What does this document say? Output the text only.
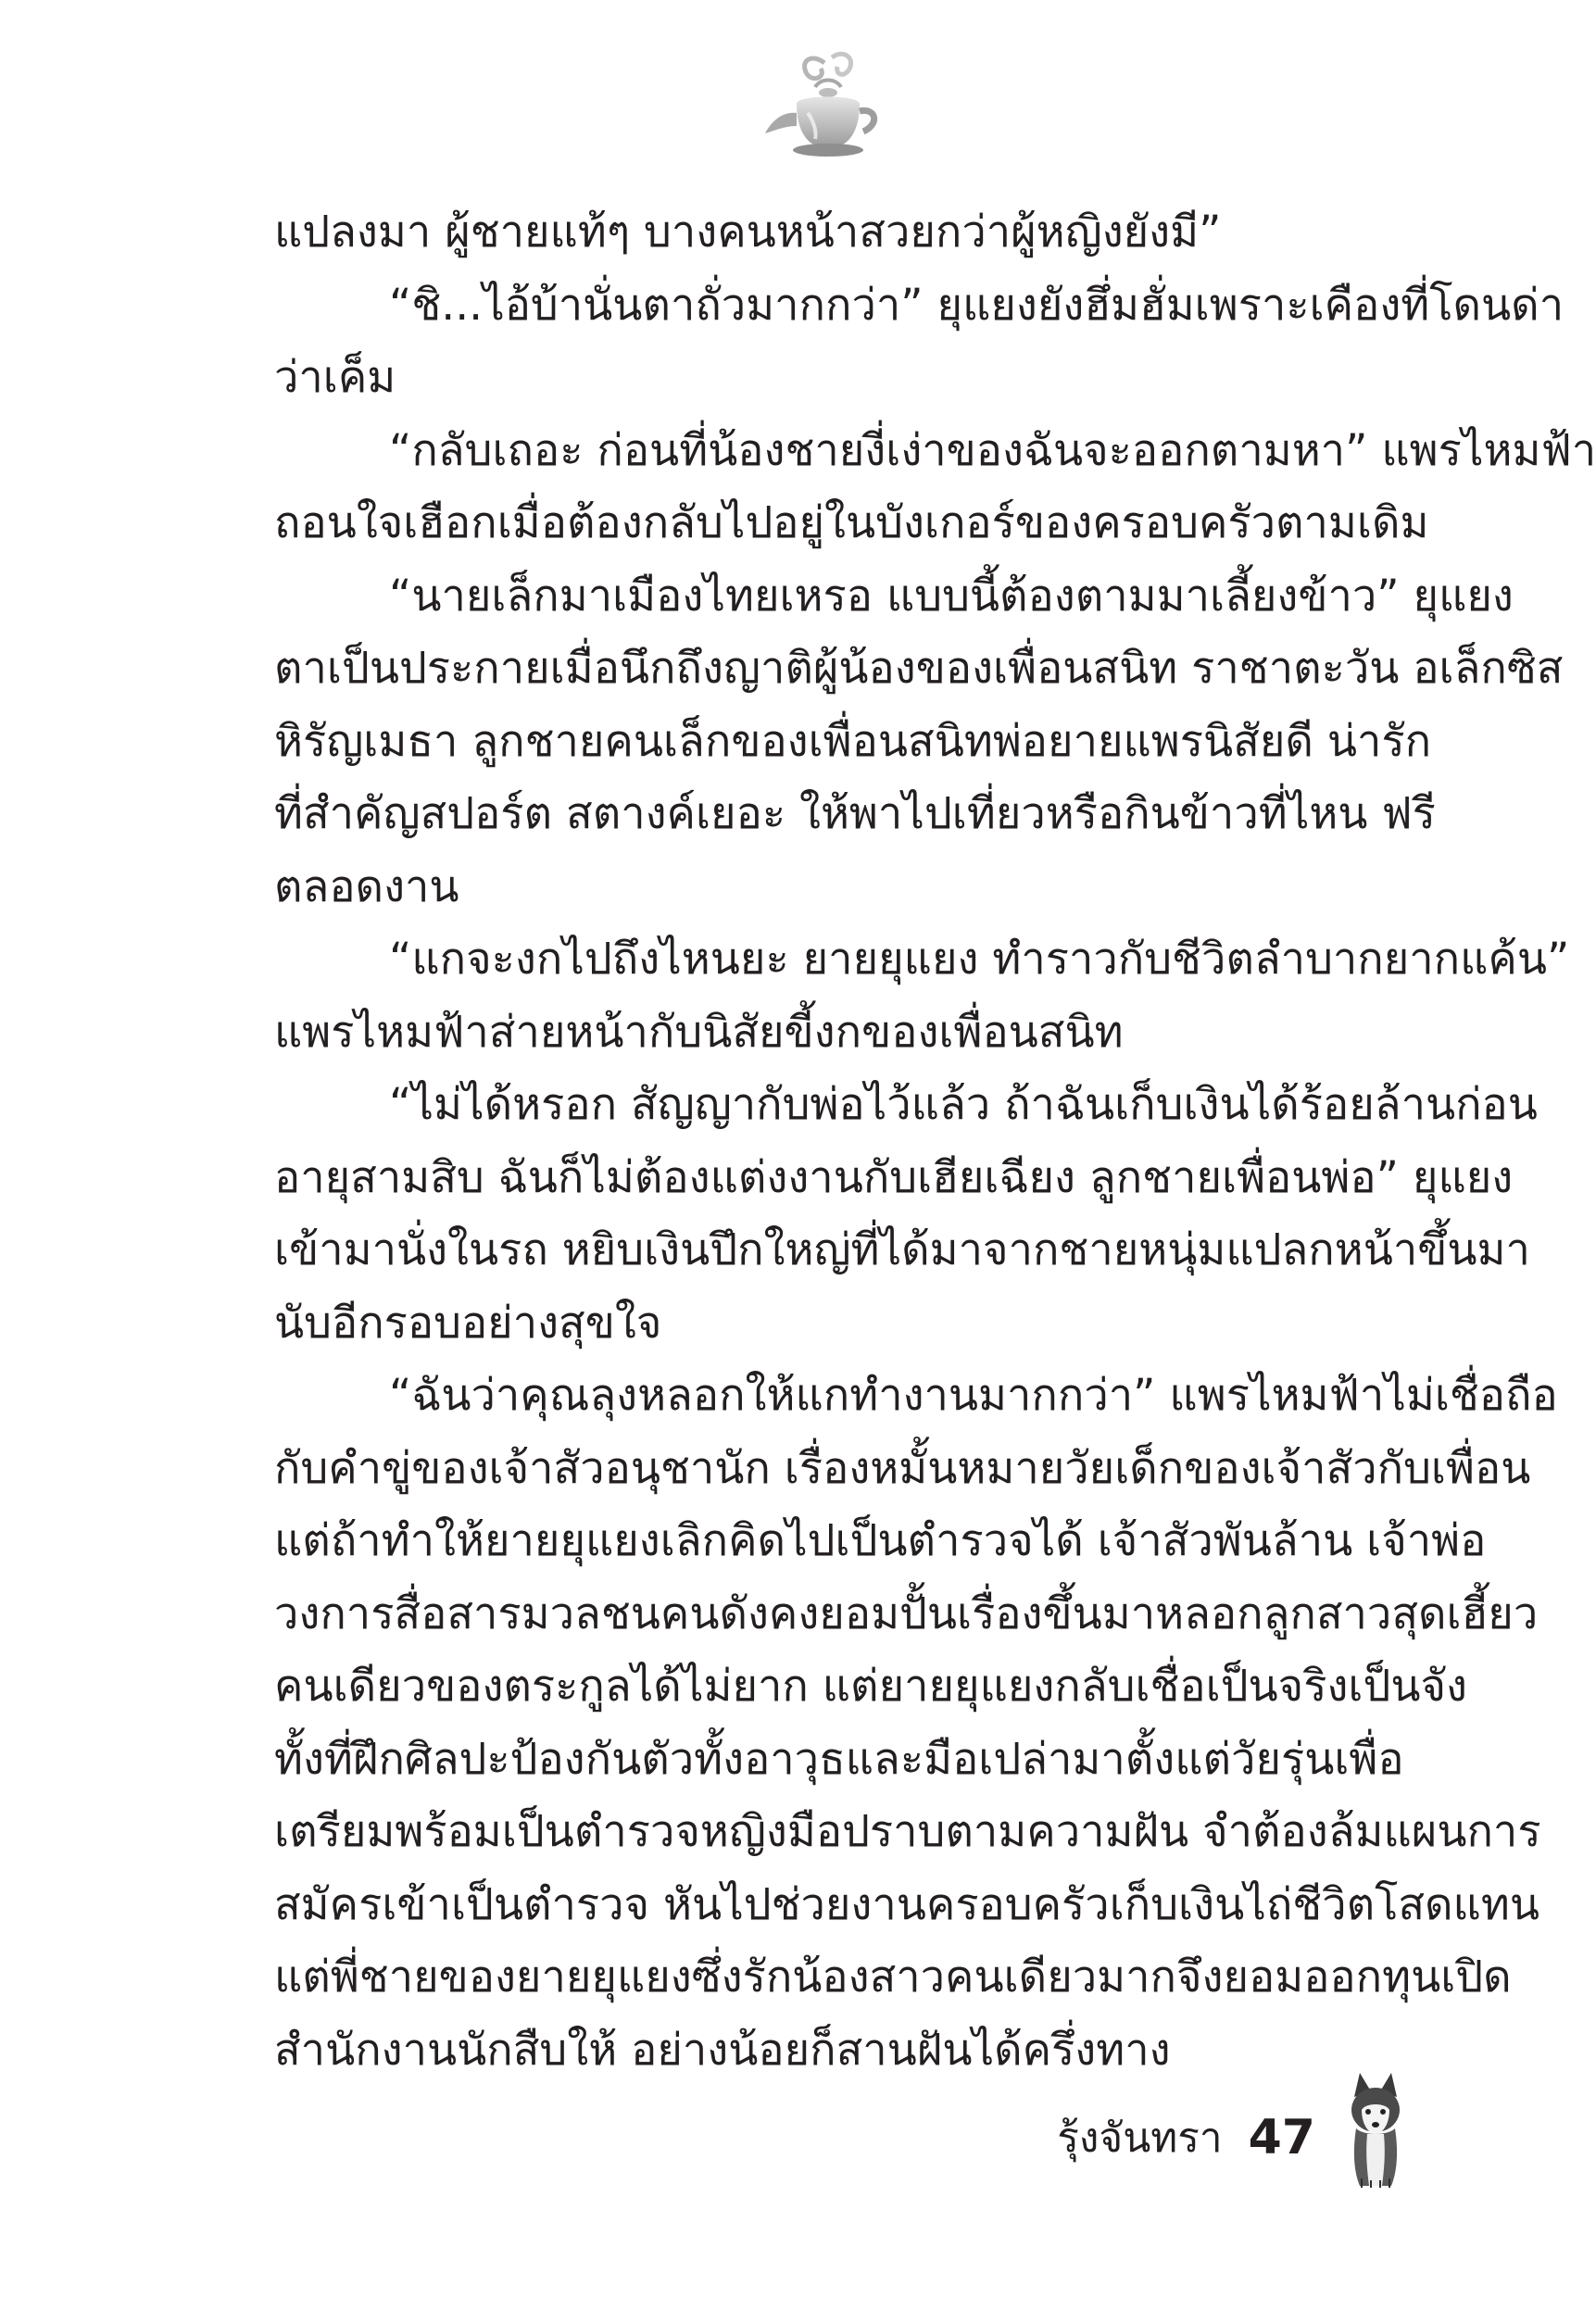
แปลงมา ผู้ชายแท้ๆ บางคนหน้าสวยกว่าผู้หญิงยังมี”
“ชิ...ไอ้บ้านั่นตาถั่วมากกว่า” ยุแยงยังฮึ่มฮั่มเพราะเคืองที่โดนด่า
ว่าเค็ม
“กลับเถอะ ก่อนที่น้องชายงี่เง่าของฉันจะออกตามหา” แพรไหมฟ้า
ถอนใจเฮือกเมื่อต้องกลับไปอยู่ในบังเกอร์ของครอบครัวตามเดิม
“นายเล็กมาเมืองไทยเหรอ แบบนี้ต้องตามมาเลี้ยงข้าว” ยุแยง
ตาเป็นประกายเมื่อนึกถึงญาติผู้น้องของเพื่อนสนิท ราชาตะวัน อเล็กซิส
หิรัญเมธา ลูกชายคนเล็กของเพื่อนสนิทพ่อยายแพรนิสัยดี น่ารัก
ที่สำคัญสปอร์ต สตางค์เยอะ ให้พาไปเที่ยวหรือกินข้าวที่ไหน ฟรี
ตลอดงาน
“แกจะงกไปถึงไหนยะ ยายยุแยง ทำราวกับชีวิตลำบากยากแค้น”
แพรไหมฟ้าส่ายหน้ากับนิสัยขี้งกของเพื่อนสนิท
“ไม่ได้หรอก สัญญากับพ่อไว้แล้ว ถ้าฉันเก็บเงินได้ร้อยล้านก่อน
อายุสามสิบ ฉันก็ไม่ต้องแต่งงานกับเฮียเฉียง ลูกชายเพื่อนพ่อ” ยุแยง
เข้ามานั่งในรถ หยิบเงินปึกใหญ่ที่ได้มาจากชายหนุ่มแปลกหน้าขึ้นมา
นับอีกรอบอย่างสุขใจ
“ฉันว่าคุณลุงหลอกให้แกทำงานมากกว่า” แพรไหมฟ้าไม่เชื่อถือ
กับคำขู่ของเจ้าสัวอนุชานัก เรื่องหมั้นหมายวัยเด็กของเจ้าสัวกับเพื่อน
แต่ถ้าทำให้ยายยุแยงเลิกคิดไปเป็นตำรวจได้ เจ้าสัวพันล้าน เจ้าพ่อ
วงการสื่อสารมวลชนคนดังคงยอมปั้นเรื่องขึ้นมาหลอกลูกสาวสุดเฮี้ยว
คนเดียวของตระกูลได้ไม่ยาก แต่ยายยุแยงกลับเชื่อเป็นจริงเป็นจัง
ทั้งที่ฝึกศิลปะป้องกันตัวทั้งอาวุธและมือเปล่ามาตั้งแต่วัยรุ่นเพื่อ
เตรียมพร้อมเป็นตำรวจหญิงมือปราบตามความฝัน จำต้องล้มแผนการ
สมัครเข้าเป็นตำรวจ หันไปช่วยงานครอบครัวเก็บเงินไถ่ชีวิตโสดแทน
แต่พี่ชายของยายยุแยงซึ่งรักน้องสาวคนเดียวมากจึงยอมออกทุนเปิด
สำนักงานนักสืบให้ อย่างน้อยก็สานฝันได้ครึ่งทาง
รุ้งจันทรา 47
